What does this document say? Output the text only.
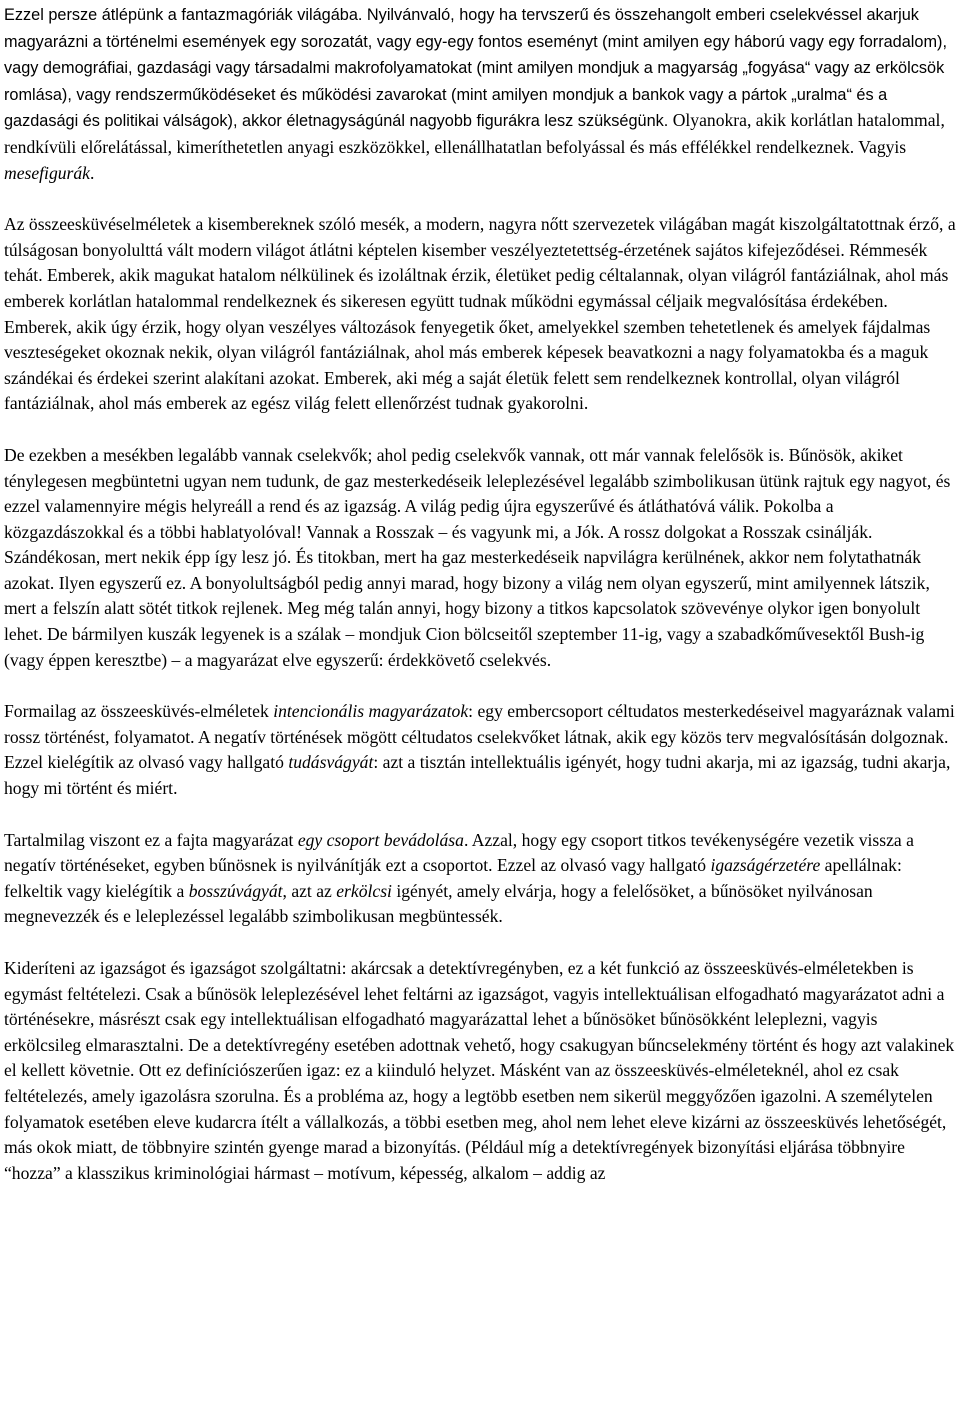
Ezzel persze átlépünk a fantazmagóriák világába. Nyilvánvaló, hogy ha tervszerű és összehangolt emberi cselekvéssel akarjuk magyarázni a történelmi események egy sorozatát, vagy egy-egy fontos eseményt (mint amilyen egy háború vagy egy forradalom), vagy demográfiai, gazdasági vagy társadalmi makrofolyamatokat (mint amilyen mondjuk a magyarság „fogyása“ vagy az erkölcsök romlása), vagy rendszerműködéseket és működési zavarokat (mint amilyen mondjuk a bankok vagy a pártok „uralma“ és a gazdasági és politikai válságok), akkor életnagyságúnál nagyobb figurákra lesz szükségünk. Olyanokra, akik korlátlan hatalommal, rendkívüli előrelátással, kimeríthetetlen anyagi eszközökkel, ellenállhatatlan befolyással és más effélékkel rendelkeznek. Vagyis mesefigurák.

Az összeesküvéselméletek a kisembereknek szóló mesék, a modern, nagyra nőtt szervezetek világában magát kiszolgáltatottnak érző, a túlságosan bonyolulttá vált modern világot átlátni képtelen kisember veszélyeztetettség-érzetének sajátos kifejeződései. Rémmesék tehát. Emberek, akik magukat hatalom nélkülinek és izoláltnak érzik, életüket pedig céltalannak, olyan világról fantáziálnak, ahol más emberek korlátlan hatalommal rendelkeznek és sikeresen együtt tudnak működni egymással céljaik megvalósítása érdekében. Emberek, akik úgy érzik, hogy olyan veszélyes változások fenyegetik őket, amelyekkel szemben tehetetlenek és amelyek fájdalmas veszteségeket okoznak nekik, olyan világról fantáziálnak, ahol más emberek képesek beavatkozni a nagy folyamatokba és a maguk szándékai és érdekei szerint alakítani azokat. Emberek, aki még a saját életük felett sem rendelkeznek kontrollal, olyan világról fantáziálnak, ahol más emberek az egész világ felett ellenőrzést tudnak gyakorolni.

De ezekben a mesékben legalább vannak cselekvők; ahol pedig cselekvők vannak, ott már vannak felelősök is. Bűnösök, akiket ténylegesen megbüntetni ugyan nem tudunk, de gaz mesterkedéseik leleplezésével legalább szimbolikusan ütünk rajtuk egy nagyot, és ezzel valamennyire mégis helyreáll a rend és az igazság. A világ pedig újra egyszerűvé és átláthatóvá válik. Pokolba a közgazdászokkal és a többi hablatyolóval! Vannak a Rosszak – és vagyunk mi, a Jók. A rossz dolgokat a Rosszak csinálják. Szándékosan, mert nekik épp így lesz jó. És titokban, mert ha gaz mesterkedéseik napvilágra kerülnének, akkor nem folytathatnák azokat. Ilyen egyszerű ez. A bonyolultságból pedig annyi marad, hogy bizony a világ nem olyan egyszerű, mint amilyennek látszik, mert a felszín alatt sötét titkok rejlenek. Meg még talán annyi, hogy bizony a titkos kapcsolatok szövevénye olykor igen bonyolult lehet. De bármilyen kuszák legyenek is a szálak – mondjuk Cion bölcseitől szeptember 11-ig, vagy a szabadkőművesektől Bush-ig (vagy éppen keresztbe) – a magyarázat elve egyszerű: érdekkövető cselekvés.

Formailag az összeesküvés-elméletek intencionális magyarázatok: egy embercsoport céltudatos mesterkedéseivel magyaráznak valami rossz történést, folyamatot. A negatív történések mögött céltudatos cselekvőket látnak, akik egy közös terv megvalósításán dolgoznak. Ezzel kielégítik az olvasó vagy hallgató tudásvágyát: azt a tisztán intellektuális igényét, hogy tudni akarja, mi az igazság, tudni akarja, hogy mi történt és miért.

Tartalmilag viszont ez a fajta magyarázat egy csoport bevádolása. Azzal, hogy egy csoport titkos tevékenységére vezetik vissza a negatív történéseket, egyben bűnösnek is nyilvánítják ezt a csoportot. Ezzel az olvasó vagy hallgató igazságérzetére apellálnak: felkeltik vagy kielégítik a bosszúvágyát, azt az erkölcsi igényét, amely elvárja, hogy a felelősöket, a bűnösöket nyilvánosan megnevezzék és e leleplezéssel legalább szimbolikusan megbüntessék.

Kideríteni az igazságot és igazságot szolgáltatni: akárcsak a detektívregényben, ez a két funkció az összeesküvés-elméletekben is egymást feltételezi. Csak a bűnösök leleplezésével lehet feltárni az igazságot, vagyis intellektuálisan elfogadható magyarázatot adni a történésekre, másrészt csak egy intellektuálisan elfogadható magyarázattal lehet a bűnösöket bűnösökként leleplezni, vagyis erkölcsileg elmarasztalni. De a detektívregény esetében adottnak vehető, hogy csakugyan bűncselekmény történt és hogy azt valakinek el kellett követnie. Ott ez definíciószerűen igaz: ez a kiinduló helyzet. Másként van az összeesküvés-elméleteknél, ahol ez csak feltételezés, amely igazolásra szorulna. És a probléma az, hogy a legtöbb esetben nem sikerül meggyőzően igazolni. A személytelen folyamatok esetében eleve kudarcra ítélt a vállalkozás, a többi esetben meg, ahol nem lehet eleve kizárni az összeesküvés lehetőségét, más okok miatt, de többnyire szintén gyenge marad a bizonyítás. (Például míg a detektívregények bizonyítási eljárása többnyire “hozza” a klasszikus kriminológiai hármast – motívum, képesség, alkalom – addig az
